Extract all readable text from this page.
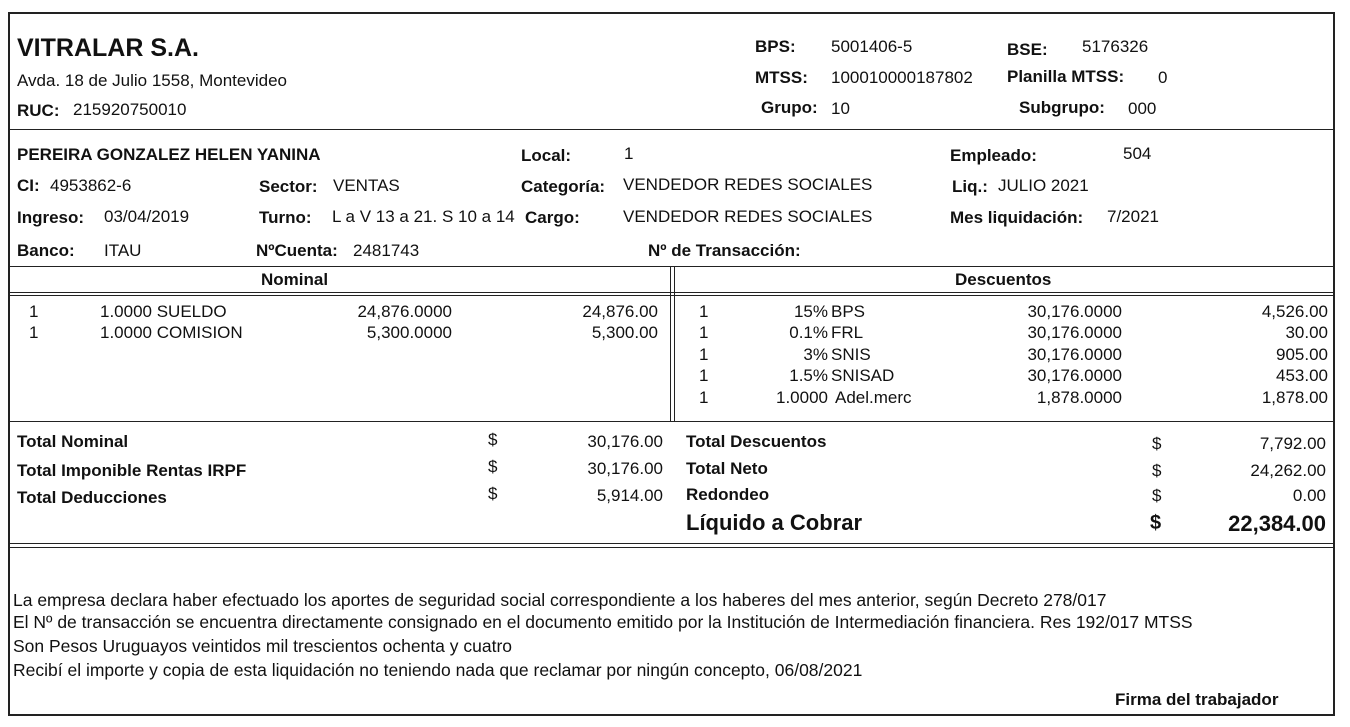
VITRALAR S.A.
Avda. 18 de Julio 1558, Montevideo
RUC: 215920750010
BPS: 5001406-5	BSE: 5176326
MTSS: 100010000187802 Planilla MTSS: 0
Grupo: 10	Subgrupo: 000
PEREIRA GONZALEZ HELEN YANINA
CI: 4953862-6
Ingreso: 03/04/2019
Banco: ITAU
Sector: VENTAS
Turno: L a V 13 a 21. S 10 a 14
NºCuenta: 2481743
Local:	1
Categoría: VENDEDOR REDES SOCIALES
Cargo:	VENDEDOR REDES SOCIALES
Nº de Transacción:
Empleado:	504
Liq.: JULIO 2021
Mes liquidación: 7/2021
Nominal	Descuentos
1	1.0000 SUELDO	24,876.0000	24,876.00
1	1.0000 COMISION	5,300.0000	5,300.00
1	15% BPS	30,176.0000	4,526.00
1	0.1% FRL	30,176.0000	30.00
1	3% SNIS	30,176.0000	905.00
1	1.5% SNISAD	30,176.0000	453.00
1	1.0000 Adel.merc	1,878.0000	1,878.00
Total Nominal	$	30,176.00
Total Imponible Rentas IRPF	$	30,176.00
Total Deducciones	$	5,914.00
Total Descuentos	$	7,792.00
Total Neto	$	24,262.00
Redondeo	$	0.00
Líquido a Cobrar	$	22,384.00
La empresa declara haber efectuado los aportes de seguridad social correspondiente a los haberes del mes anterior, según Decreto 278/017
El Nº de transacción se encuentra directamente consignado en el documento emitido por la Institución de Intermediación financiera. Res 192/017 MTSS
Son Pesos Uruguayos veintidos mil trescientos ochenta y cuatro
Recibí el importe y copia de esta liquidación no teniendo nada que reclamar por ningún concepto, 06/08/2021
Firma del trabajador
